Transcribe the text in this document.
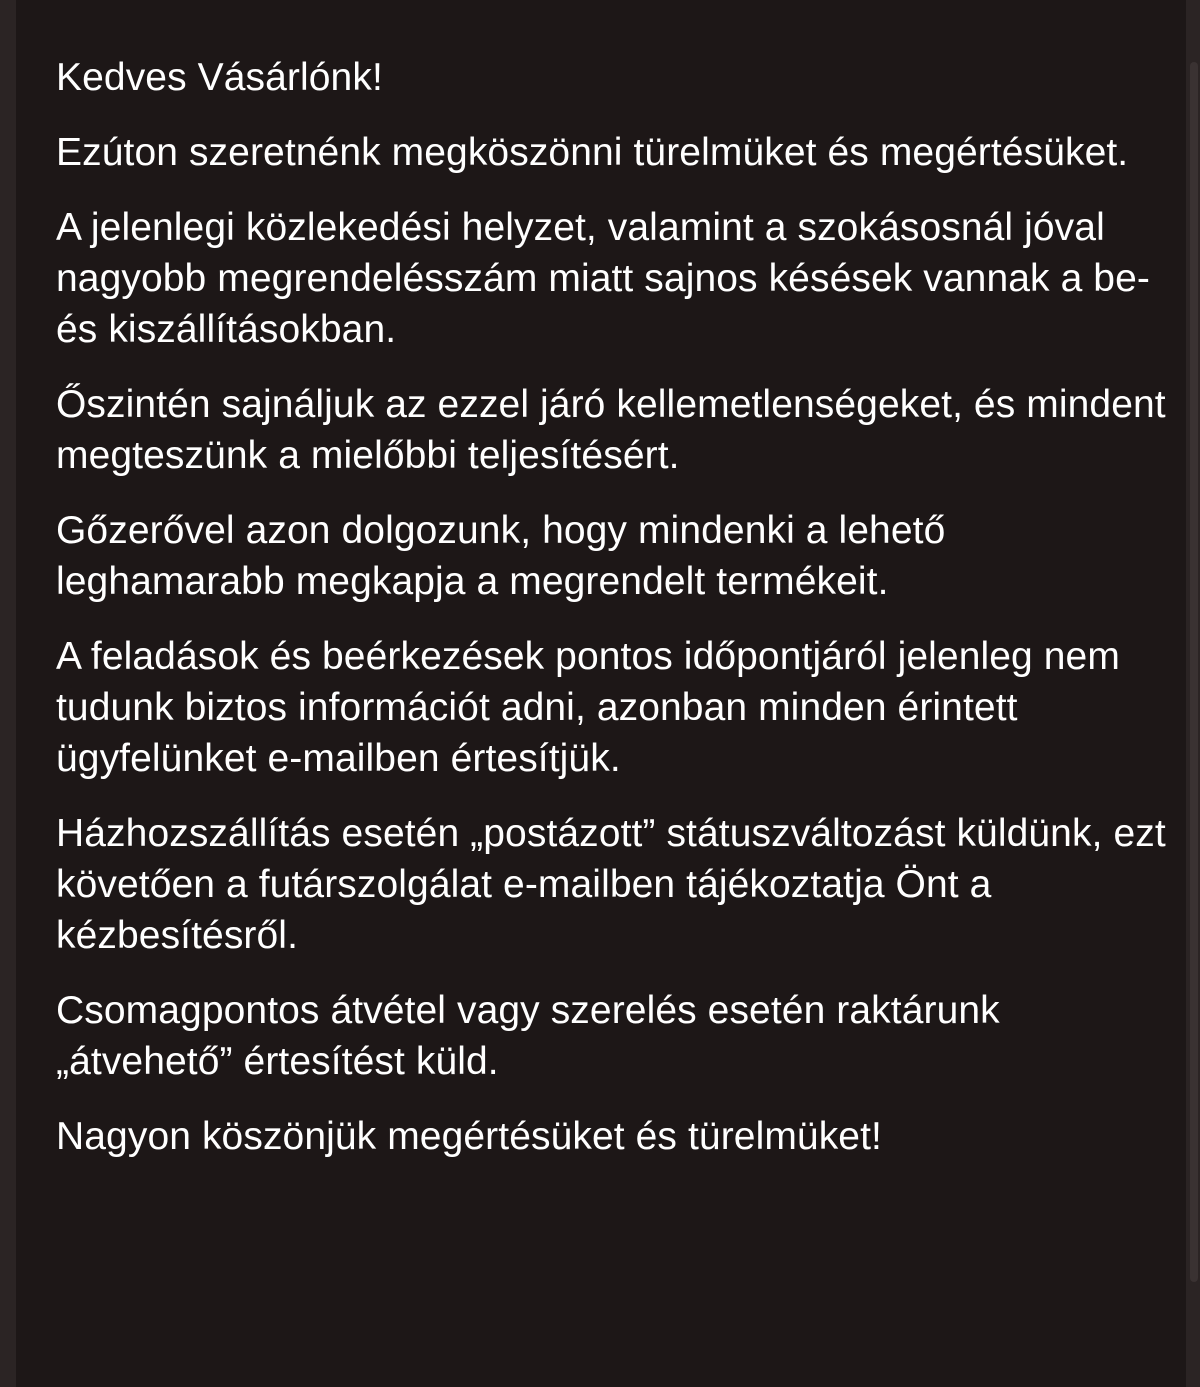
Kedves Vásárlónk!

Ezúton szeretnénk megköszönni türelmüket és megértésüket.

A jelenlegi közlekedési helyzet, valamint a szokásosnál jóval nagyobb megrendelésszám miatt sajnos késések vannak a be- és kiszállításokban.

Őszintén sajnáljuk az ezzel járó kellemetlenségeket, és mindent megteszünk a mielőbbi teljesítésért.

Gőzerővel azon dolgozunk, hogy mindenki a lehető leghamarabb megkapja a megrendelt termékeit.

A feladások és beérkezések pontos időpontjáról jelenleg nem tudunk biztos információt adni, azonban minden érintett ügyfelünket e-mailben értesítjük.

Házhozszállítás esetén „postázott” státuszváltozást küldünk, ezt követően a futárszolgálat e-mailben tájékoztatja Önt a kézbesítésről.

Csomagpontos átvétel vagy szerelés esetén raktárunk „átvehető” értesítést küld.

Nagyon köszönjük megértésüket és türelmüket!
